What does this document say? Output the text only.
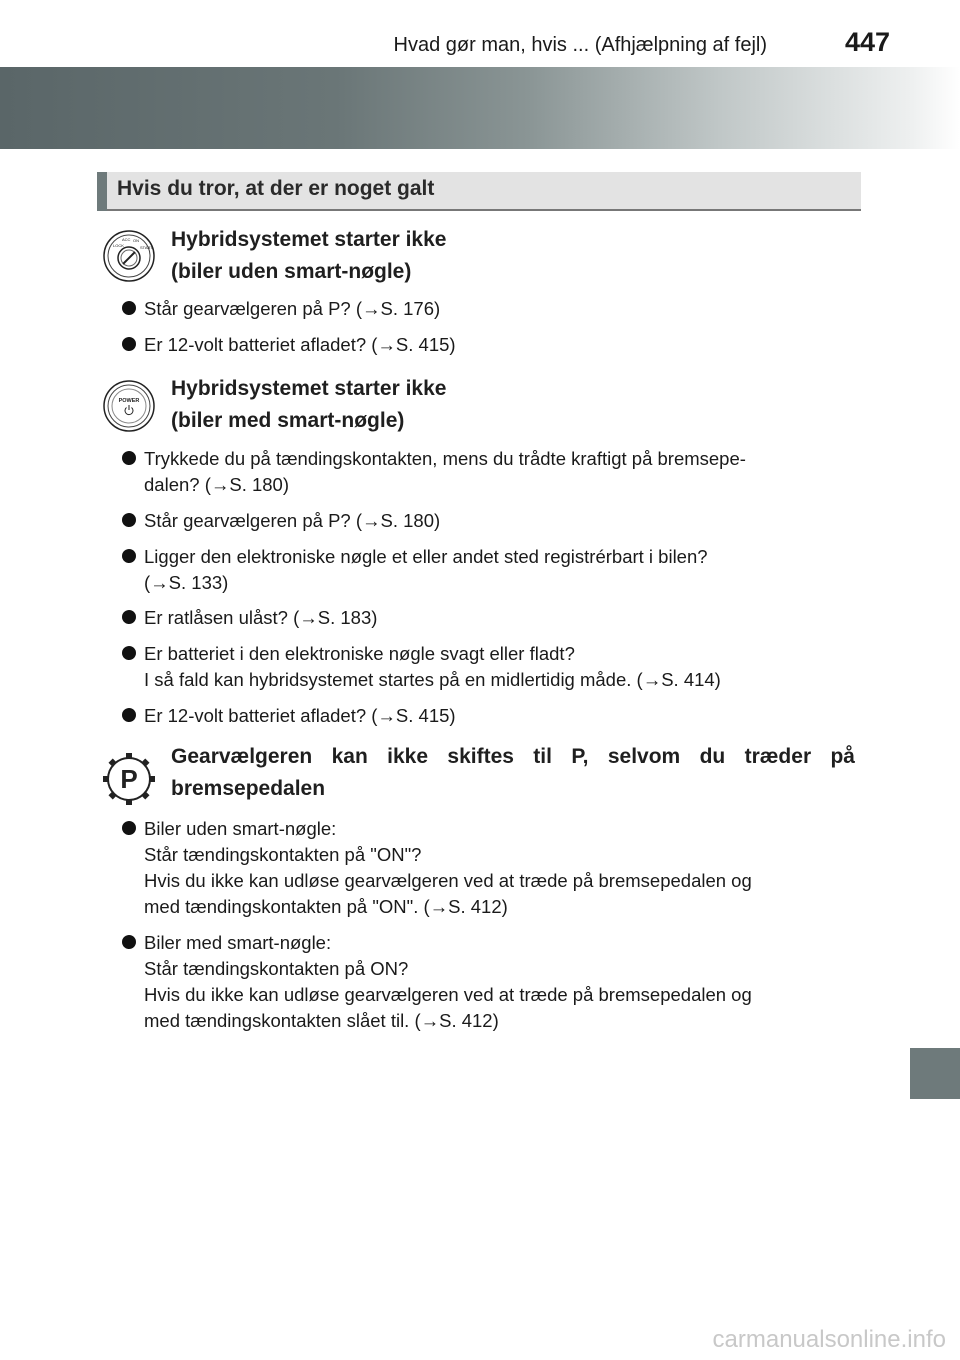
Hvad gør man, hvis ... (Afhjælpning af fejl)	447
Hvis du tror, at der er noget galt
LOCK
ACC ON
START Hybridsystemet starter ikke
(biler uden smart-nøgle)
Står gearvælgeren på P? (→S. 176)
Er 12-volt batteriet afladet? (→S. 415)
POWER
Hybridsystemet starter ikke
(biler med smart-nøgle)
Trykkede du på tændingskontakten, mens du trådte kraftigt på bremsepe-
dalen? (→S. 180)
Står gearvælgeren på P? (→S. 180)
Ligger den elektroniske nøgle et eller andet sted registrérbart i bilen?
(→S. 133)
Er ratlåsen ulåst? (→S. 183)
Er batteriet i den elektroniske nøgle svagt eller fladt?
I så fald kan hybridsystemet startes på en midlertidig måde. (→S. 414)
Er 12-volt batteriet afladet? (→S. 415)
P
Gearvælgeren kan ikke skiftes til P, selvom du træder på
bremsepedalen
Biler uden smart-nøgle:
Står tændingskontakten på "ON"?
Hvis du ikke kan udløse gearvælgeren ved at træde på bremsepedalen og
med tændingskontakten på "ON". (→S. 412)
Biler med smart-nøgle:
Står tændingskontakten på ON?
Hvis du ikke kan udløse gearvælgeren ved at træde på bremsepedalen og
med tændingskontakten slået til. (→S. 412)
carmanualsonline.info
